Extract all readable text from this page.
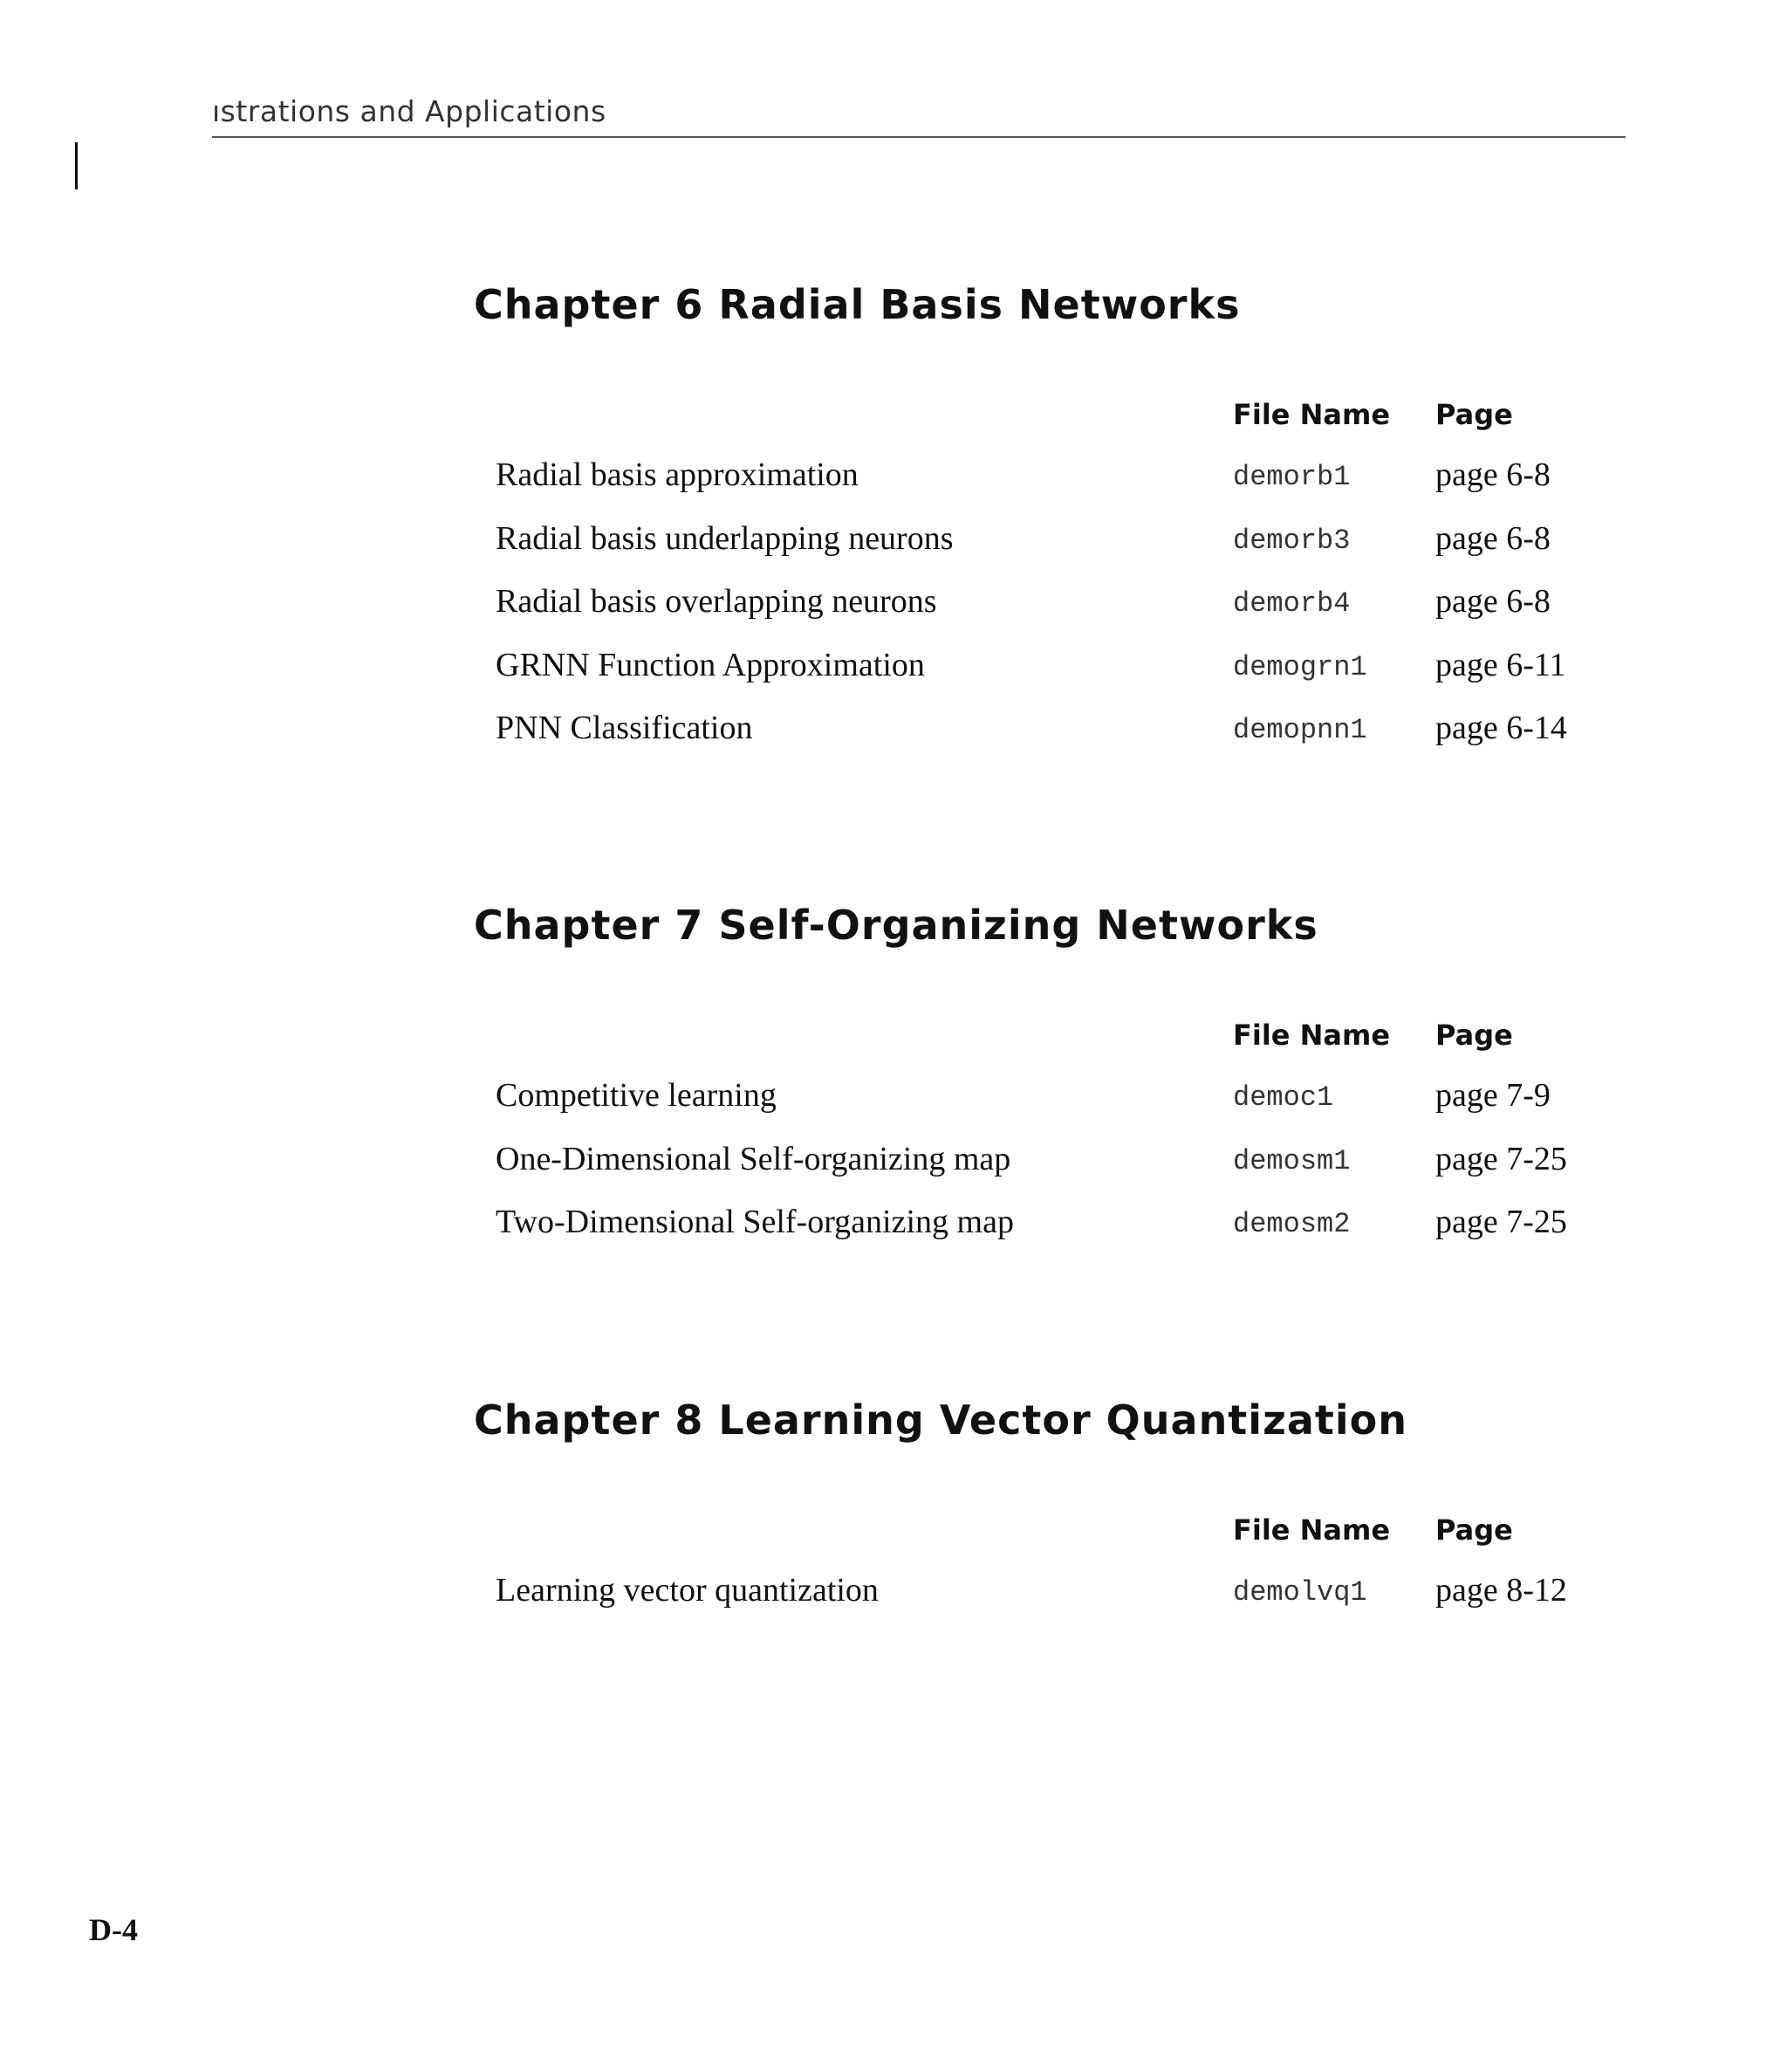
ıstrations and Applications
Chapter 6 Radial Basis Networks
File Name Page
Radial basis approximation	demorb1	page 6-8
Radial basis underlapping neurons	demorb3	page 6-8
Radial basis overlapping neurons	demorb4	page 6-8
GRNN Function Approximation	demogrn1 page 6-11
PNN Classification	demopnn1 page 6-14
Chapter 7 Self-Organizing Networks
File Name Page
Competitive learning	democ1	page 7-9
One-Dimensional Self-organizing map	demosm1	page 7-25
Two-Dimensional Self-organizing map	demosm2	page 7-25
Chapter 8 Learning Vector Quantization
File Name Page
Learning vector quantization	demolvq1 page 8-12
D-4
